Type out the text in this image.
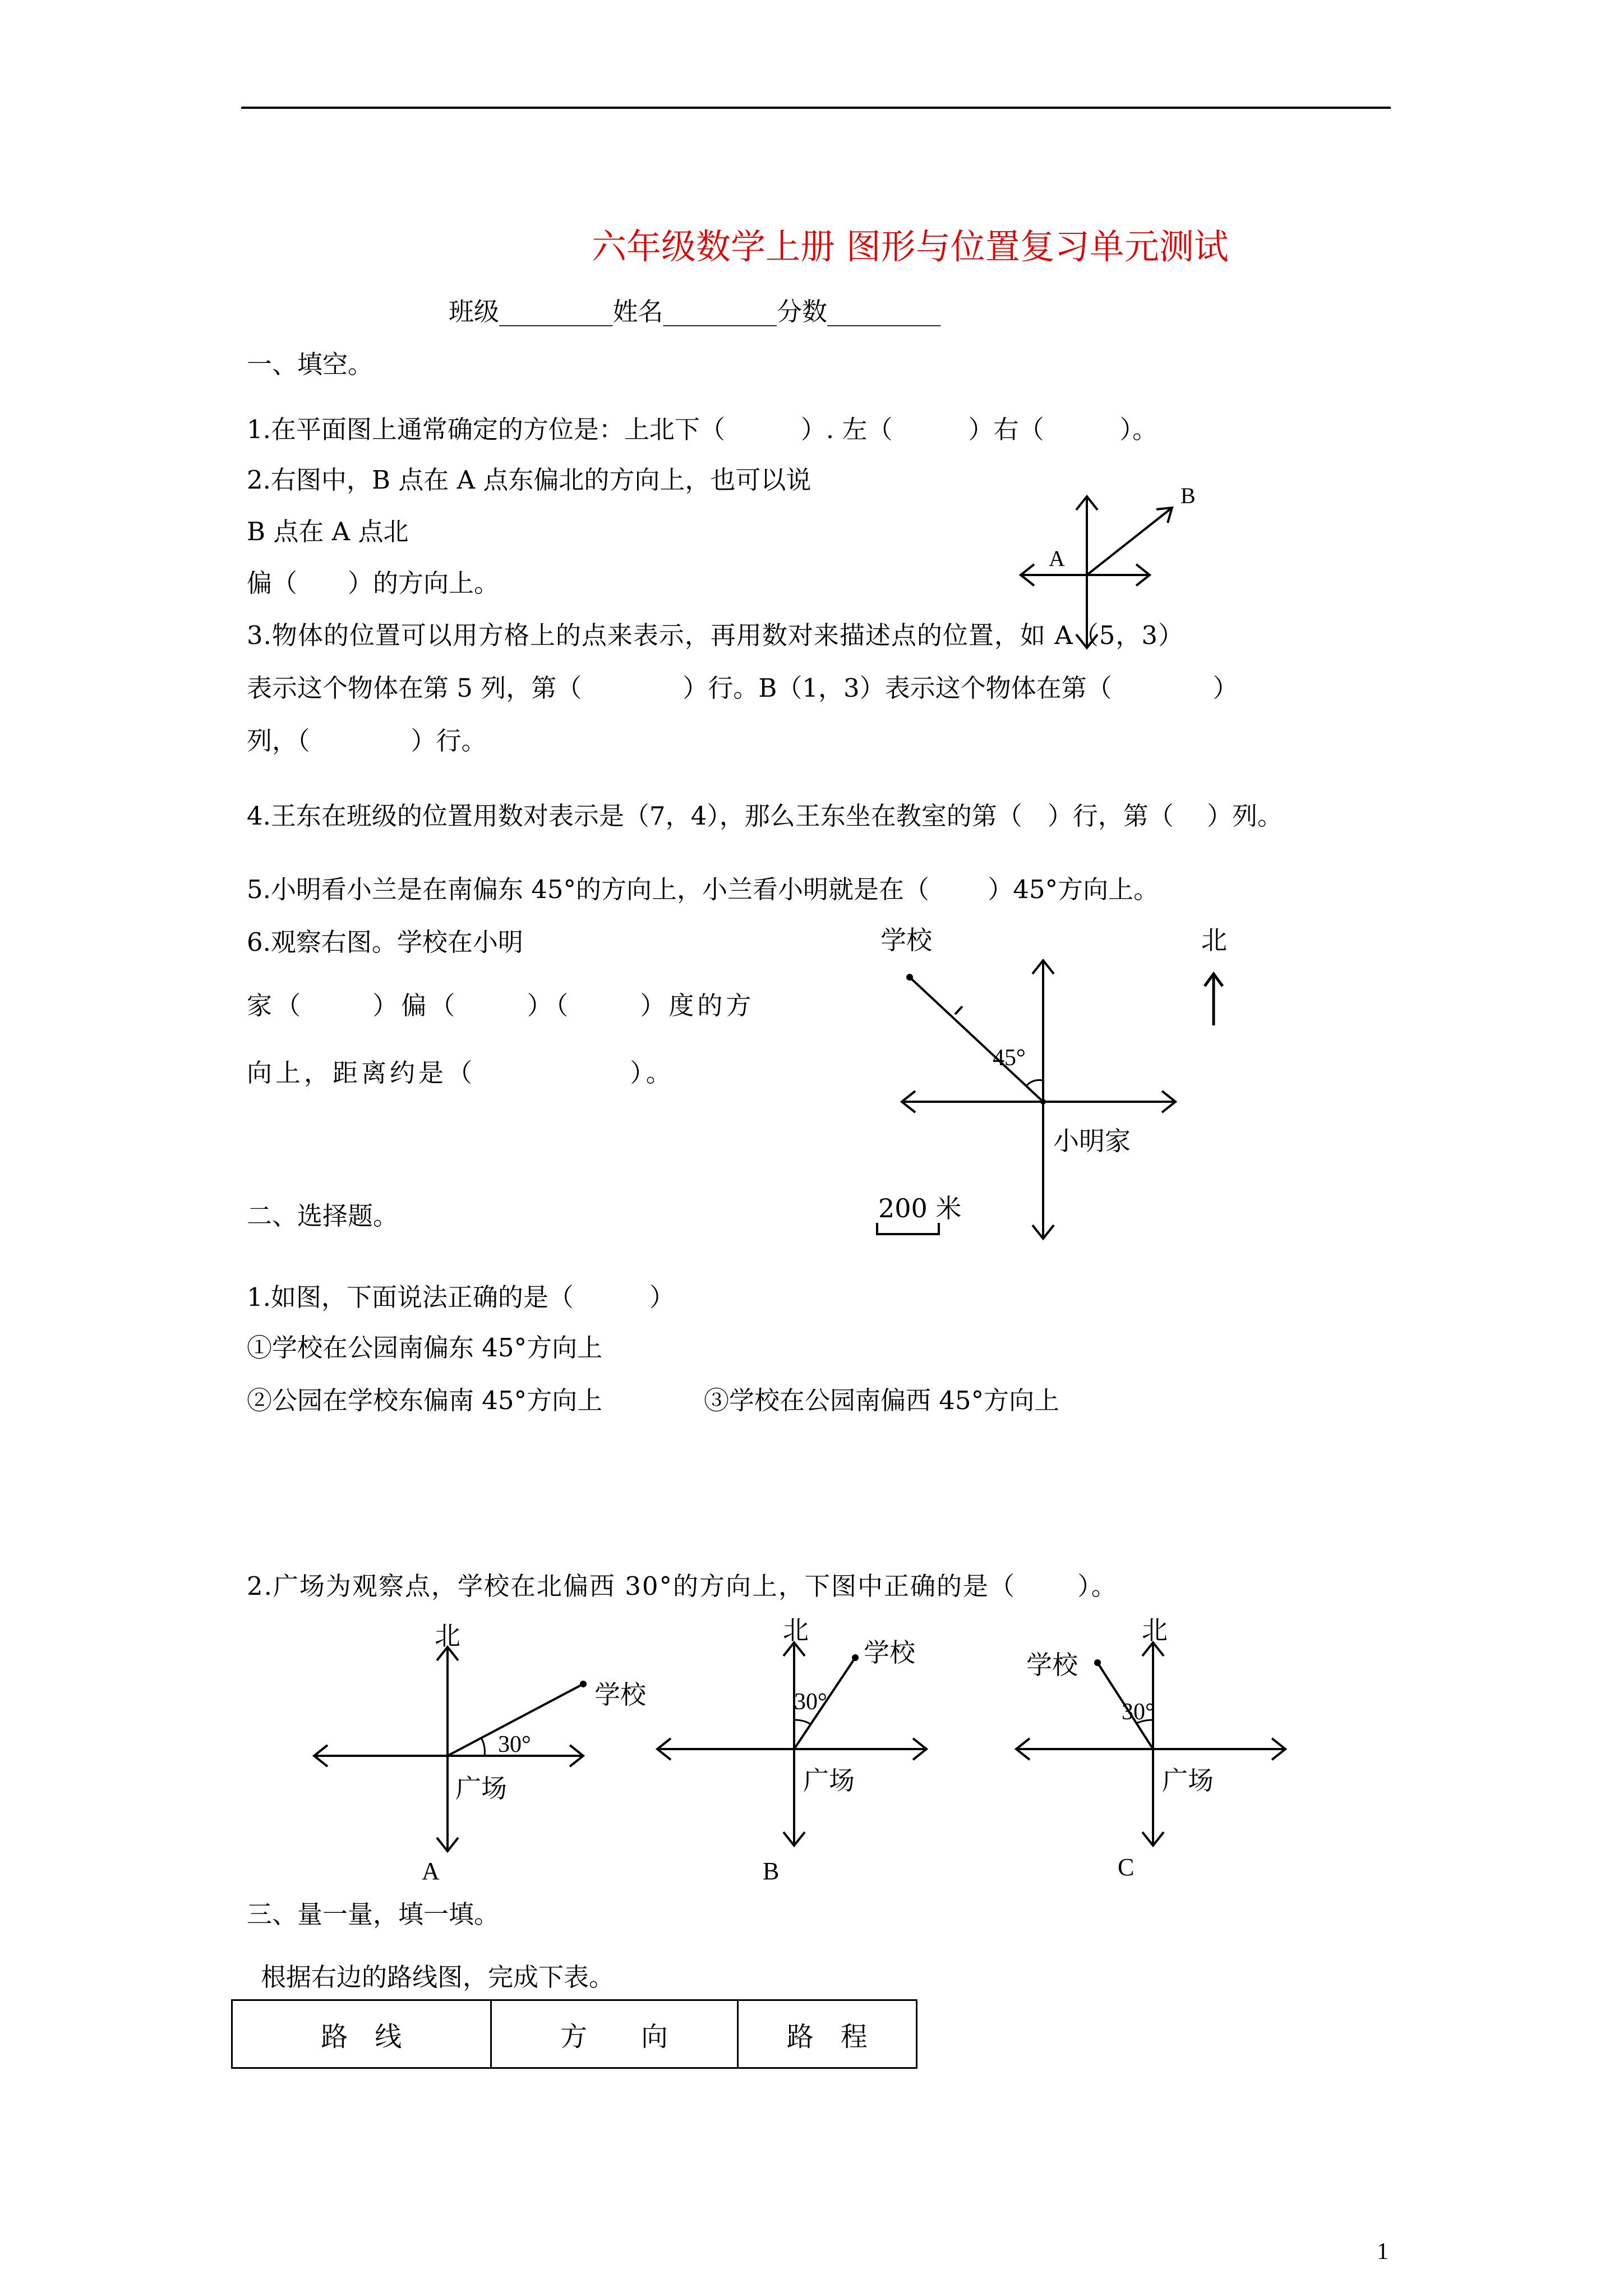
六年级数学上册 图形与位置复习单元测试
班级_________姓名_________分数_________
一、填空。
1.在平面图上通常确定的方位是：上北下（　　　）. 左（　　　）右（　　　）。
2.右图中，B 点在 A 点东偏北的方向上，也可以说
B 点在 A 点北
偏（　　）的方向上。
3.物体的位置可以用方格上的点来表示，再用数对来描述点的位置，如 A（5，3）
表示这个物体在第 5 列，第（　　　　）行。B（1，3）表示这个物体在第（　　　　）
列，（　　　　）行。
4.王东在班级的位置用数对表示是（7，4），那么王东坐在教室的第（　）行，第（　 ）列。
5.小明看小兰是在南偏东 45°的方向上，小兰看小明就是在（　　 ）45°方向上。
6.观察右图。学校在小明
家（　　 ）偏（　　 ）（　　 ）度的方
向上，距离约是（　　　　　 ）。
A
B
学校	北
45°
小明家
200 米
二、选择题。
1.如图，下面说法正确的是（　　　）
①学校在公园南偏东 45°方向上
②公园在学校东偏南 45°方向上	③学校在公园南偏西 45°方向上
2.广场为观察点，学校在北偏西 30°的方向上，下图中正确的是（　　 ）。
北
学校
30°
广场
A
北
学校
30°
广场
B
北
学校
30°
广场
C
三、量一量，填一填。
根据右边的路线图，完成下表。
路　线	方　　向	路　程
1
